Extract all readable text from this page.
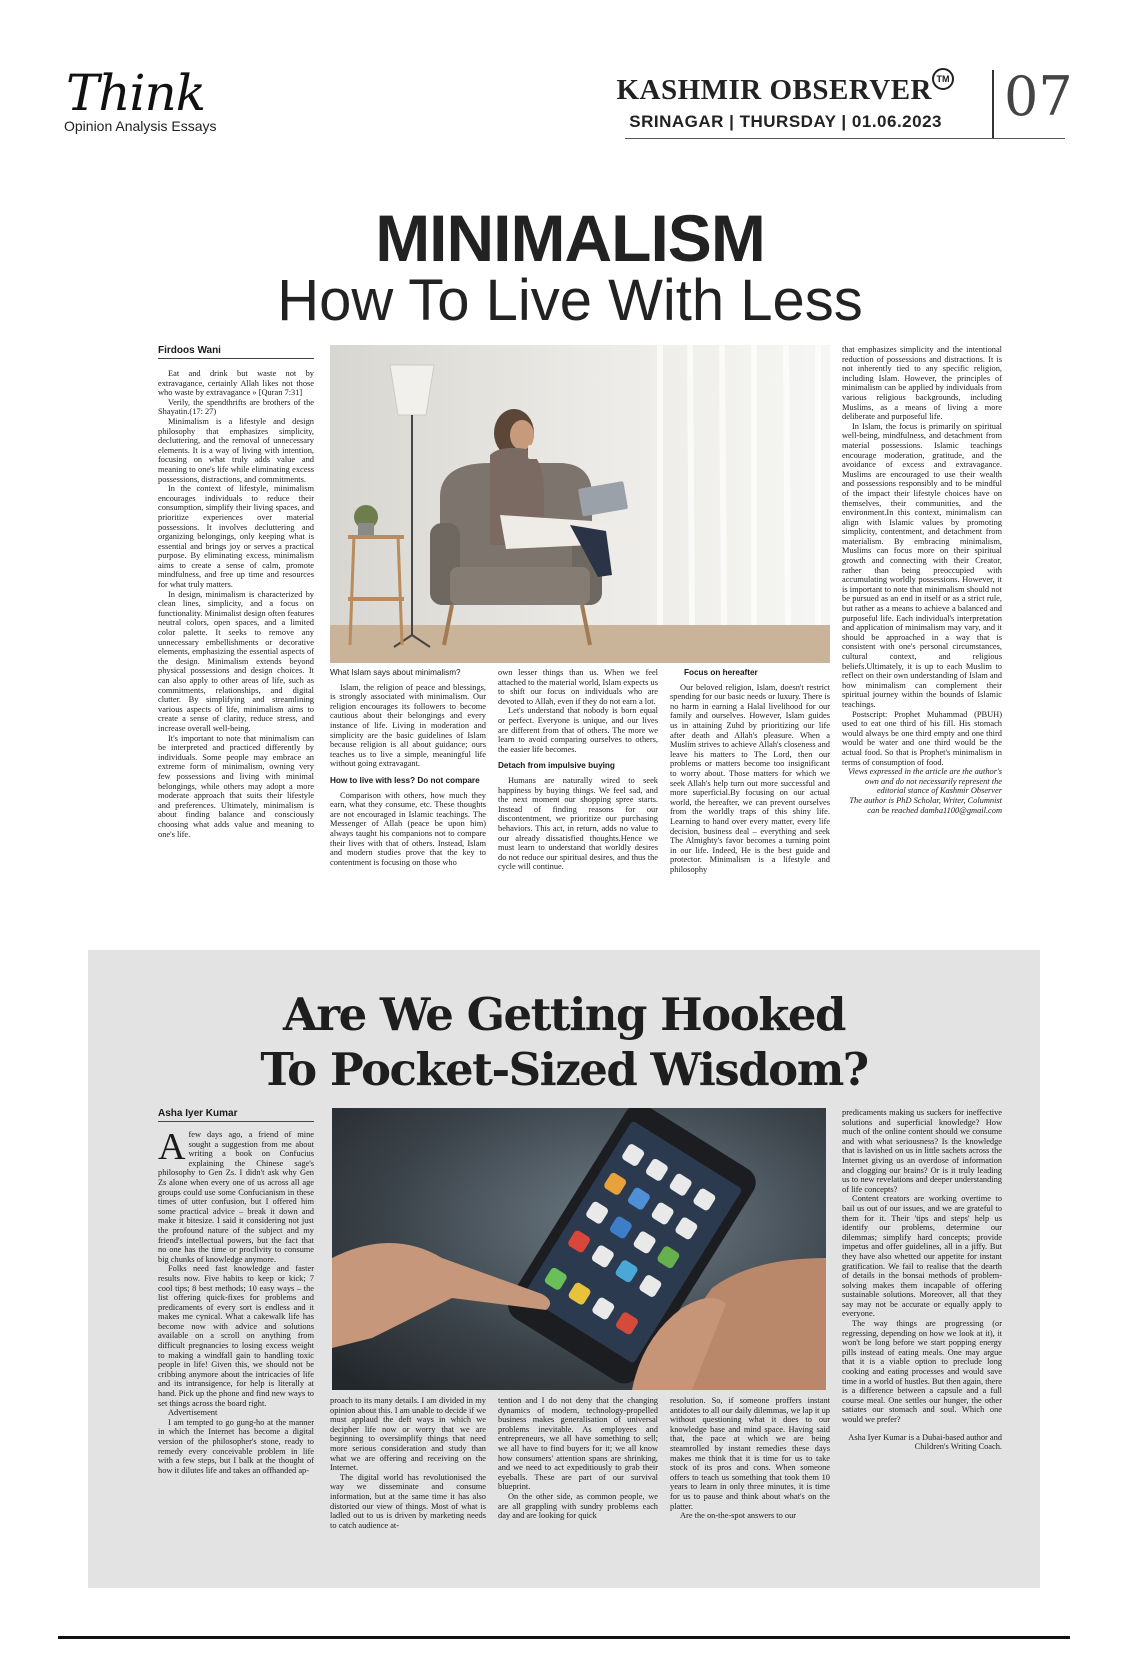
Think
Opinion Analysis Essays
KASHMIR OBSERVER TM
SRINAGAR | THURSDAY | 01.06.2023 07
MINIMALISM
How To Live With Less
Firdoos Wani

Eat and drink but waste not by extravagance, certainly Allah likes not those who waste by extravagance » [Quran 7:31]

Verily, the spendthrifts are brothers of the Shayatin.(17: 27)

Minimalism is a lifestyle and design philosophy that emphasizes simplicity, decluttering, and the removal of unnecessary elements. It is a way of living with intention, focusing on what truly adds value and meaning to one's life while eliminating excess possessions, distractions, and commitments.

In the context of lifestyle, minimalism encourages individuals to reduce their consumption, simplify their living spaces, and prioritize experiences over material possessions. It involves decluttering and organizing belongings, only keeping what is essential and brings joy or serves a practical purpose. By eliminating excess, minimalism aims to create a sense of calm, promote mindfulness, and free up time and resources for what truly matters.

In design, minimalism is characterized by clean lines, simplicity, and a focus on functionality. Minimalist design often features neutral colors, open spaces, and a limited color palette. It seeks to remove any unnecessary embellishments or decorative elements, emphasizing the essential aspects of the design. Minimalism extends beyond physical possessions and design choices. It can also apply to other areas of life, such as commitments, relationships, and digital clutter. By simplifying and streamlining various aspects of life, minimalism aims to create a sense of clarity, reduce stress, and increase overall well-being.

It's important to note that minimalism can be interpreted and practiced differently by individuals. Some people may embrace an extreme form of minimalism, owning very few possessions and living with minimal belongings, while others may adopt a more moderate approach that suits their lifestyle and preferences. Ultimately, minimalism is about finding balance and consciously choosing what adds value and meaning to one's life.

What Islam says about minimalism?

Islam, the religion of peace and blessings, is strongly associated with minimalism. Our religion encourages its followers to become cautious about their belongings and every instance of life. Living in moderation and simplicity are the basic guidelines of Islam because religion is all about guidance; ours teaches us to live a simple, meaningful life without going extravagant.

How to live with less? Do not compare

Comparison with others, how much they earn, what they consume, etc. These thoughts are not encouraged in Islamic teachings. The Messenger of Allah (peace be upon him) always taught his companions not to compare their lives with that of others. Instead, Islam and modern studies prove that the key to contentment is focusing on those who

own lesser things than us. When we feel attached to the material world, Islam expects us to shift our focus on individuals who are devoted to Allah, even if they do not earn a lot.

Let's understand that nobody is born equal or perfect. Everyone is unique, and our lives are different from that of others. The more we learn to avoid comparing ourselves to others, the easier life becomes.

Detach from impulsive buying

Humans are naturally wired to seek happiness by buying things. We feel sad, and the next moment our shopping spree starts. Instead of finding reasons for our discontentment, we prioritize our purchasing behaviors. This act, in return, adds no value to our already dissatisfied thoughts.Hence we must learn to understand that worldly desires do not reduce our spiritual desires, and thus the cycle will continue.

Focus on hereafter

Our beloved religion, Islam, doesn't restrict spending for our basic needs or luxury. There is no harm in earning a Halal livelihood for our family and ourselves. However, Islam guides us in attaining Zuhd by prioritizing our life after death and Allah's pleasure. When a Muslim strives to achieve Allah's closeness and leave his matters to The Lord, then our problems or matters become too insignificant to worry about. Those matters for which we seek Allah's help turn out more successful and more superficial.By focusing on our actual world, the hereafter, we can prevent ourselves from the worldly traps of this shiny life. Learning to hand over every matter, every life decision, business deal – everything and seek The Almighty's favor becomes a turning point in our life. Indeed, He is the best guide and protector. Minimalism is a lifestyle and philosophy

that emphasizes simplicity and the intentional reduction of possessions and distractions. It is not inherently tied to any specific religion, including Islam. However, the principles of minimalism can be applied by individuals from various religious backgrounds, including Muslims, as a means of living a more deliberate and purposeful life.

In Islam, the focus is primarily on spiritual well-being, mindfulness, and detachment from material possessions. Islamic teachings encourage moderation, gratitude, and the avoidance of excess and extravagance. Muslims are encouraged to use their wealth and possessions responsibly and to be mindful of the impact their lifestyle choices have on themselves, their communities, and the environment.In this context, minimalism can align with Islamic values by promoting simplicity, contentment, and detachment from materialism. By embracing minimalism, Muslims can focus more on their spiritual growth and connecting with their Creator, rather than being preoccupied with accumulating worldly possessions. However, it is important to note that minimalism should not be pursued as an end in itself or as a strict rule, but rather as a means to achieve a balanced and purposeful life. Each individual's interpretation and application of minimalism may vary, and it should be approached in a way that is consistent with one's personal circumstances, cultural context, and religious beliefs.Ultimately, it is up to each Muslim to reflect on their own understanding of Islam and how minimalism can complement their spiritual journey within the bounds of Islamic teachings.

Postscript: Prophet Muhammad (PBUH) used to eat one third of his fill. His stomach would always be one third empty and one third would be water and one third would be the actual food. So that is Prophet's minimalism in terms of consumption of food.

Views expressed in the article are the author's own and do not necessarily represent the editorial stance of Kashmir Observer

The author is PhD Scholar, Writer, Columnist can be reached damha1100@gmail.com

Are We Getting Hooked
To Pocket-Sized Wisdom?
Asha Iyer Kumar

Afew days ago, a friend of mine sought a suggestion from me about writing a book on Confucius explaining the Chinese sage's philosophy to Gen Zs. I didn't ask why Gen Zs alone when every one of us across all age groups could use some Confucianism in these times of utter confusion, but I offered him some practical advice – break it down and make it bitesize. I said it considering not just the profound nature of the subject and my friend's intellectual powers, but the fact that no one has the time or proclivity to consume big chunks of knowledge anymore.

Folks need fast knowledge and faster results now. Five habits to keep or kick; 7 cool tips; 8 best methods; 10 easy ways – the list offering quick-fixes for problems and predicaments of every sort is endless and it makes me cynical. What a cakewalk life has become now with advice and solutions available on a scroll on anything from difficult pregnancies to losing excess weight to making a windfall gain to handling toxic people in life! Given this, we should not be cribbing anymore about the intricacies of life and its intransigence, for help is literally at hand. Pick up the phone and find new ways to set things across the board right.

Advertisement

I am tempted to go gung-ho at the manner in which the Internet has become a digital version of the philosopher's stone, ready to remedy every conceivable problem in life with a few steps, but I balk at the thought of how it dilutes life and takes an offhanded ap-

proach to its many details. I am divided in my opinion about this. I am unable to decide if we must applaud the deft ways in which we decipher life now or worry that we are beginning to oversimplify things that need more serious consideration and study than what we are offering and receiving on the Internet.

The digital world has revolutionised the way we disseminate and consume information, but at the same time it has also distorted our view of things. Most of what is ladled out to us is driven by marketing needs to catch audience at-

tention and I do not deny that the changing dynamics of modern, technology-propelled business makes generalisation of universal problems inevitable. As employees and entrepreneurs, we all have something to sell; we all have to find buyers for it; we all know how consumers' attention spans are shrinking, and we need to act expeditiously to grab their eyeballs. These are part of our survival blueprint.

On the other side, as common people, we are all grappling with sundry problems each day and are looking for quick

resolution. So, if someone proffers instant antidotes to all our daily dilemmas, we lap it up without questioning what it does to our knowledge base and mind space. Having said that, the pace at which we are being steamrolled by instant remedies these days makes me think that it is time for us to take stock of its pros and cons. When someone offers to teach us something that took them 10 years to learn in only three minutes, it is time for us to pause and think about what's on the platter.

Are the on-the-spot answers to our

predicaments making us suckers for ineffective solutions and superficial knowledge? How much of the online content should we consume and with what seriousness? Is the knowledge that is lavished on us in little sachets across the Internet giving us an overdose of information and clogging our brains? Or is it truly leading us to new revelations and deeper understanding of life concepts?

Content creators are working overtime to bail us out of our issues, and we are grateful to them for it. Their 'tips and steps' help us identify our problems, determine our dilemmas; simplify hard concepts; provide impetus and offer guidelines, all in a jiffy. But they have also whetted our appetite for instant gratification. We fail to realise that the dearth of details in the bonsai methods of problem-solving makes them incapable of offering sustainable solutions. Moreover, all that they say may not be accurate or equally apply to everyone.

The way things are progressing (or regressing, depending on how we look at it), it won't be long before we start popping energy pills instead of eating meals. One may argue that it is a viable option to preclude long cooking and eating processes and would save time in a world of hustles. But then again, there is a difference between a capsule and a full course meal. One settles our hunger, the other satiates our stomach and soul. Which one would we prefer?

Asha Iyer Kumar is a Dubai-based author and Children's Writing Coach.
